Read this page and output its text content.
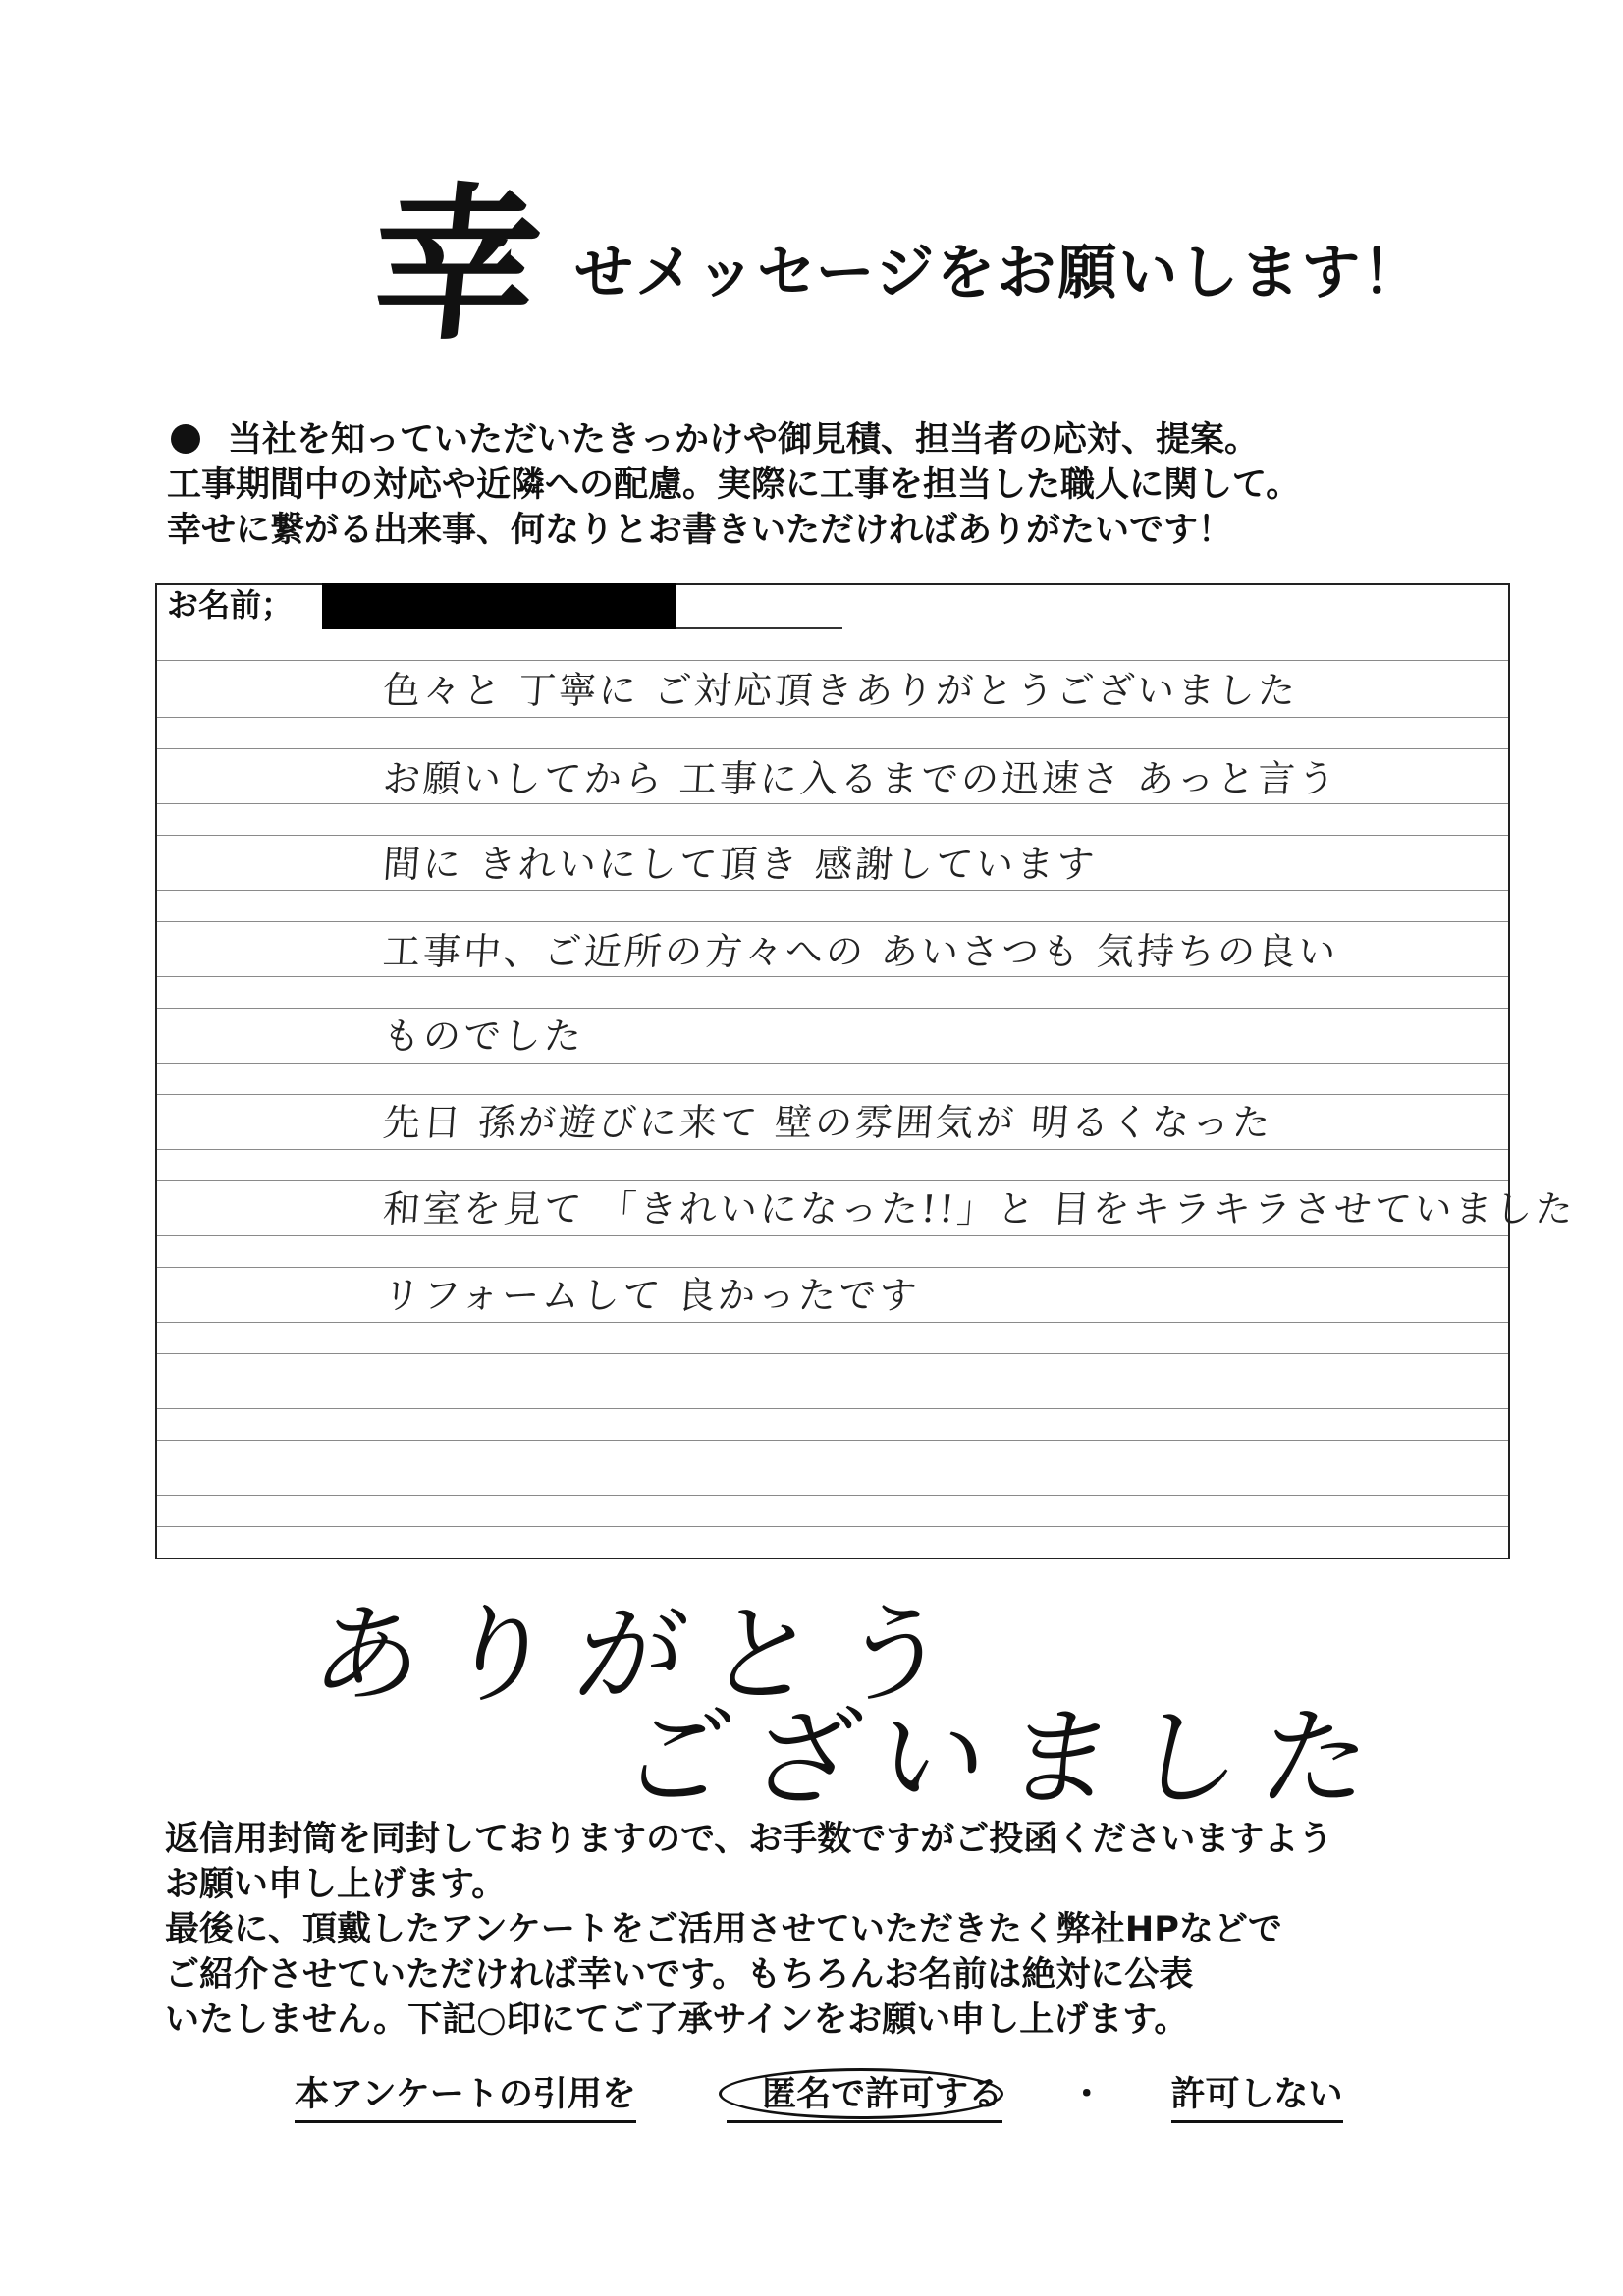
幸 せメッセージをお願いします！
当社を知っていただいたきっかけや御見積、担当者の応対、提案。
工事期間中の対応や近隣への配慮。実際に工事を担当した職人に関して。
幸せに繋がる出来事、何なりとお書きいただければありがたいです！
お名前；
色々と 丁寧に ご対応頂きありがとうございました
お願いしてから 工事に入るまでの迅速さ あっと言う
間に きれいにして頂き 感謝しています
工事中、ご近所の方々への あいさつも 気持ちの良い
ものでした
先日 孫が遊びに来て 壁の雰囲気が 明るくなった
和室を見て 「きれいになった!!」と 目をキラキラさせていました
リフォームして 良かったです
ありがとう
ございました
返信用封筒を同封しておりますので、お手数ですがご投函くださいますよう
お願い申し上げます。
最後に、頂戴したアンケートをご活用させていただきたく弊社HPなどで
ご紹介させていただければ幸いです。もちろんお名前は絶対に公表
いたしません。下記○印にてご了承サインをお願い申し上げます。
本アンケートの引用を	匿名で許可する ・ 許可しない
